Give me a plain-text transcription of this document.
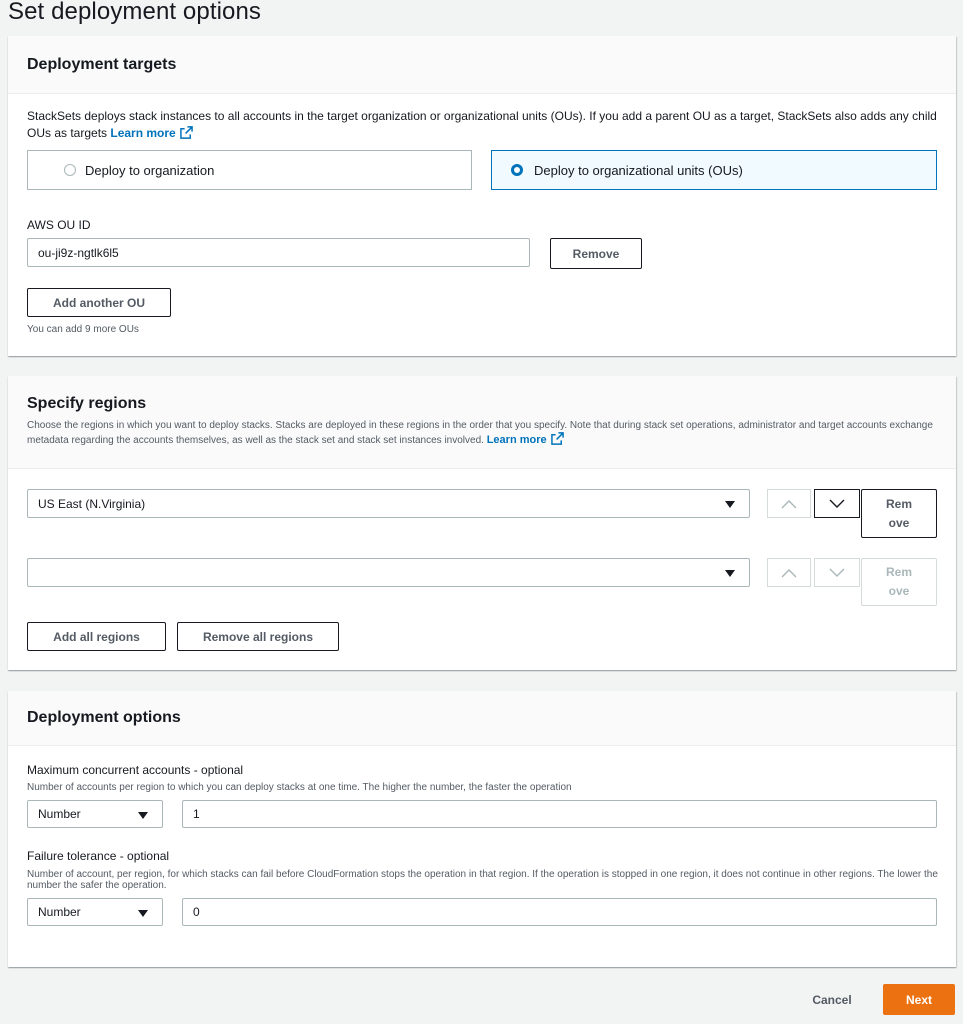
Set deployment options
Deployment targets

StackSets deploys stack instances to all accounts in the target organization or organizational units (OUs). If you add a parent OU as a target, StackSets also adds any child OUs as targets Learn more

Deploy to organization	Deploy to organizational units (OUs)
AWS OU ID
ou-ji9z-ngtlk6l5	Remove
Add another OU
You can add 9 more OUs
Specify regions

Choose the regions in which you want to deploy stacks. Stacks are deployed in these regions in the order that you specify. Note that during stack set operations, administrator and target accounts exchange metadata regarding the accounts themselves, as well as the stack set and stack set instances involved. Learn more

US East (N.Virginia)	Rem
ove
Rem
ove
Add all regions	Remove all regions
Deployment options
Maximum concurrent accounts - optional
Number of accounts per region to which you can deploy stacks at one time. The higher the number, the faster the operation
Number	1
Failure tolerance - optional
Number of account, per region, for which stacks can fail before CloudFormation stops the operation in that region. If the operation is stopped in one region, it does not continue in other regions. The lower the number the safer the operation.
Number	0
Cancel	Next
